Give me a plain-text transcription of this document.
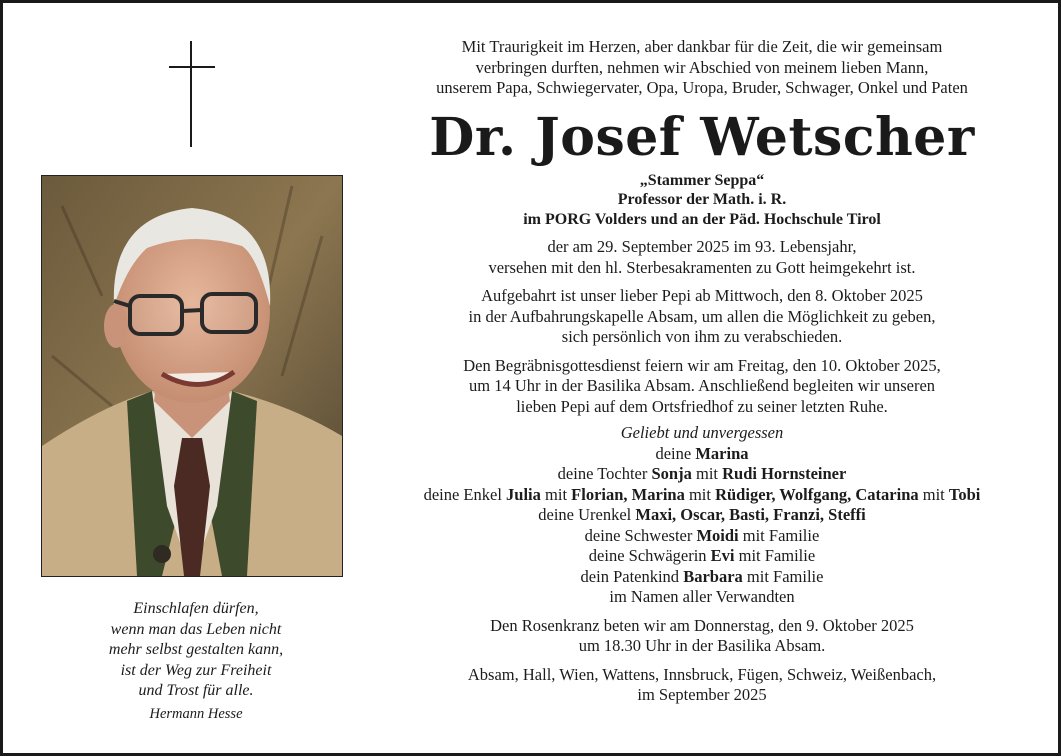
Einschlafen dürfen,
wenn man das Leben nicht
mehr selbst gestalten kann,
ist der Weg zur Freiheit
und Trost für alle.
Hermann Hesse

Mit Traurigkeit im Herzen, aber dankbar für die Zeit, die wir gemeinsam

verbringen durften, nehmen wir Abschied von meinem lieben Mann,

unserem Papa, Schwiegervater, Opa, Uropa, Bruder, Schwager, Onkel und Paten

Dr. Josef Wetscher
„Stammer Seppa“
Professor der Math. i. R.
im PORG Volders und an der Päd. Hochschule Tirol

der am 29. September 2025 im 93. Lebensjahr,

versehen mit den hl. Sterbesakramenten zu Gott heimgekehrt ist.

Aufgebahrt ist unser lieber Pepi ab Mittwoch, den 8. Oktober 2025

in der Aufbahrungskapelle Absam, um allen die Möglichkeit zu geben,

sich persönlich von ihm zu verabschieden.

Den Begräbnisgottesdienst feiern wir am Freitag, den 10. Oktober 2025,

um 14 Uhr in der Basilika Absam. Anschließend begleiten wir unseren

lieben Pepi auf dem Ortsfriedhof zu seiner letzten Ruhe.

Geliebt und unvergessen

deine Marina

deine Tochter Sonja mit Rudi Hornsteiner

deine Enkel Julia mit Florian, Marina mit Rüdiger, Wolfgang, Catarina mit Tobi

deine Urenkel Maxi, Oscar, Basti, Franzi, Steffi

deine Schwester Moidi mit Familie

deine Schwägerin Evi mit Familie

dein Patenkind Barbara mit Familie

im Namen aller Verwandten

Den Rosenkranz beten wir am Donnerstag, den 9. Oktober 2025

um 18.30 Uhr in der Basilika Absam.

Absam, Hall, Wien, Wattens, Innsbruck, Fügen, Schweiz, Weißenbach,

im September 2025
